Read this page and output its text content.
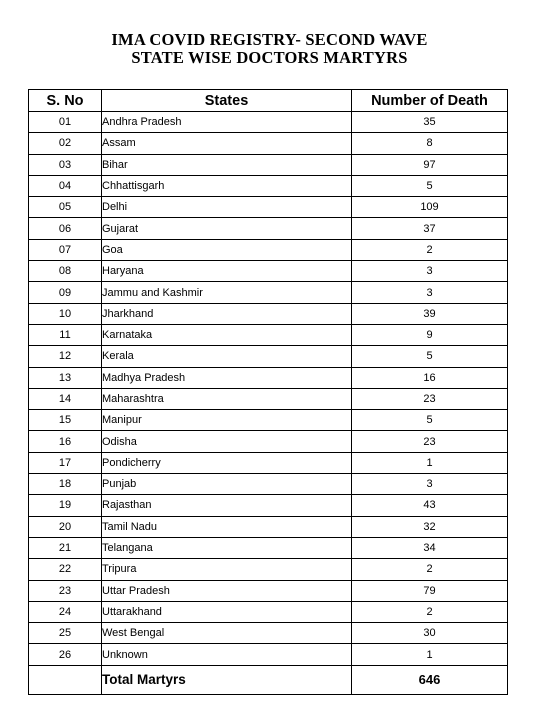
IMA COVID REGISTRY- SECOND WAVE
STATE WISE DOCTORS MARTYRS
S. No	States	Number of Death
01	Andhra Pradesh	35
02	Assam	8
03	Bihar	97
04	Chhattisgarh	5
05	Delhi	109
06	Gujarat	37
07	Goa	2
08	Haryana	3
09	Jammu and Kashmir	3
10	Jharkhand	39
11	Karnataka	9
12	Kerala	5
13	Madhya Pradesh	16
14	Maharashtra	23
15	Manipur	5
16	Odisha	23
17	Pondicherry	1
18	Punjab	3
19	Rajasthan	43
20	Tamil Nadu	32
21	Telangana	34
22	Tripura	2
23	Uttar Pradesh	79
24	Uttarakhand	2
25	West Bengal	30
26	Unknown	1
	Total Martyrs	646
